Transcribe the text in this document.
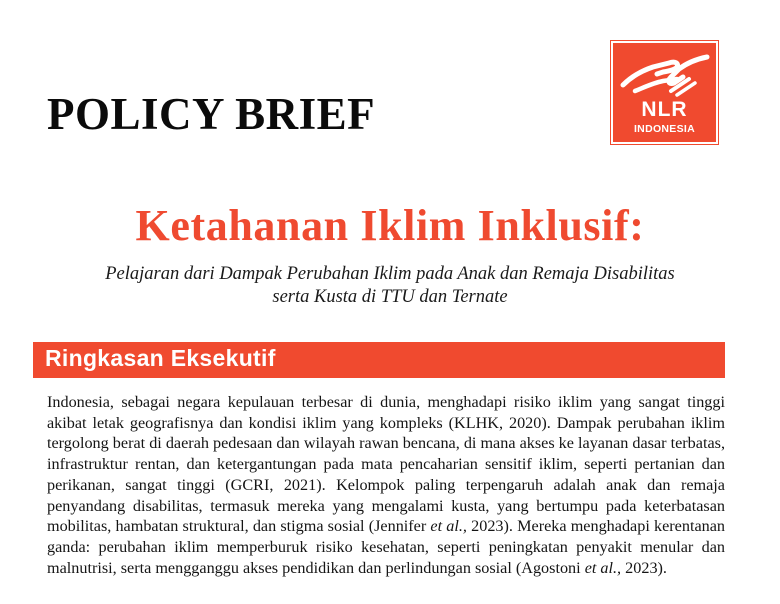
POLICY BRIEF	NLR
INDONESIA
Ketahanan Iklim Inklusif:
Pelajaran dari Dampak Perubahan Iklim pada Anak dan Remaja Disabilitas
serta Kusta di TTU dan Ternate
Ringkasan Eksekutif

Indonesia, sebagai negara kepulauan terbesar di dunia, menghadapi risiko iklim yang sangat tinggi akibat letak geografisnya dan kondisi iklim yang kompleks (KLHK, 2020). Dampak perubahan iklim tergolong berat di daerah pedesaan dan wilayah rawan bencana, di mana akses ke layanan dasar terbatas, infrastruktur rentan, dan ketergantungan pada mata pencaharian sensitif iklim, seperti pertanian dan perikanan, sangat tinggi (GCRI, 2021). Kelompok paling terpengaruh adalah anak dan remaja penyandang disabilitas, termasuk mereka yang mengalami kusta, yang bertumpu pada keterbatasan mobilitas, hambatan struktural, dan stigma sosial (Jennifer et al., 2023). Mereka menghadapi kerentanan ganda: perubahan iklim memperburuk risiko kesehatan, seperti peningkatan penyakit menular dan malnutrisi, serta mengganggu akses pendidikan dan perlindungan sosial (Agostoni et al., 2023).
